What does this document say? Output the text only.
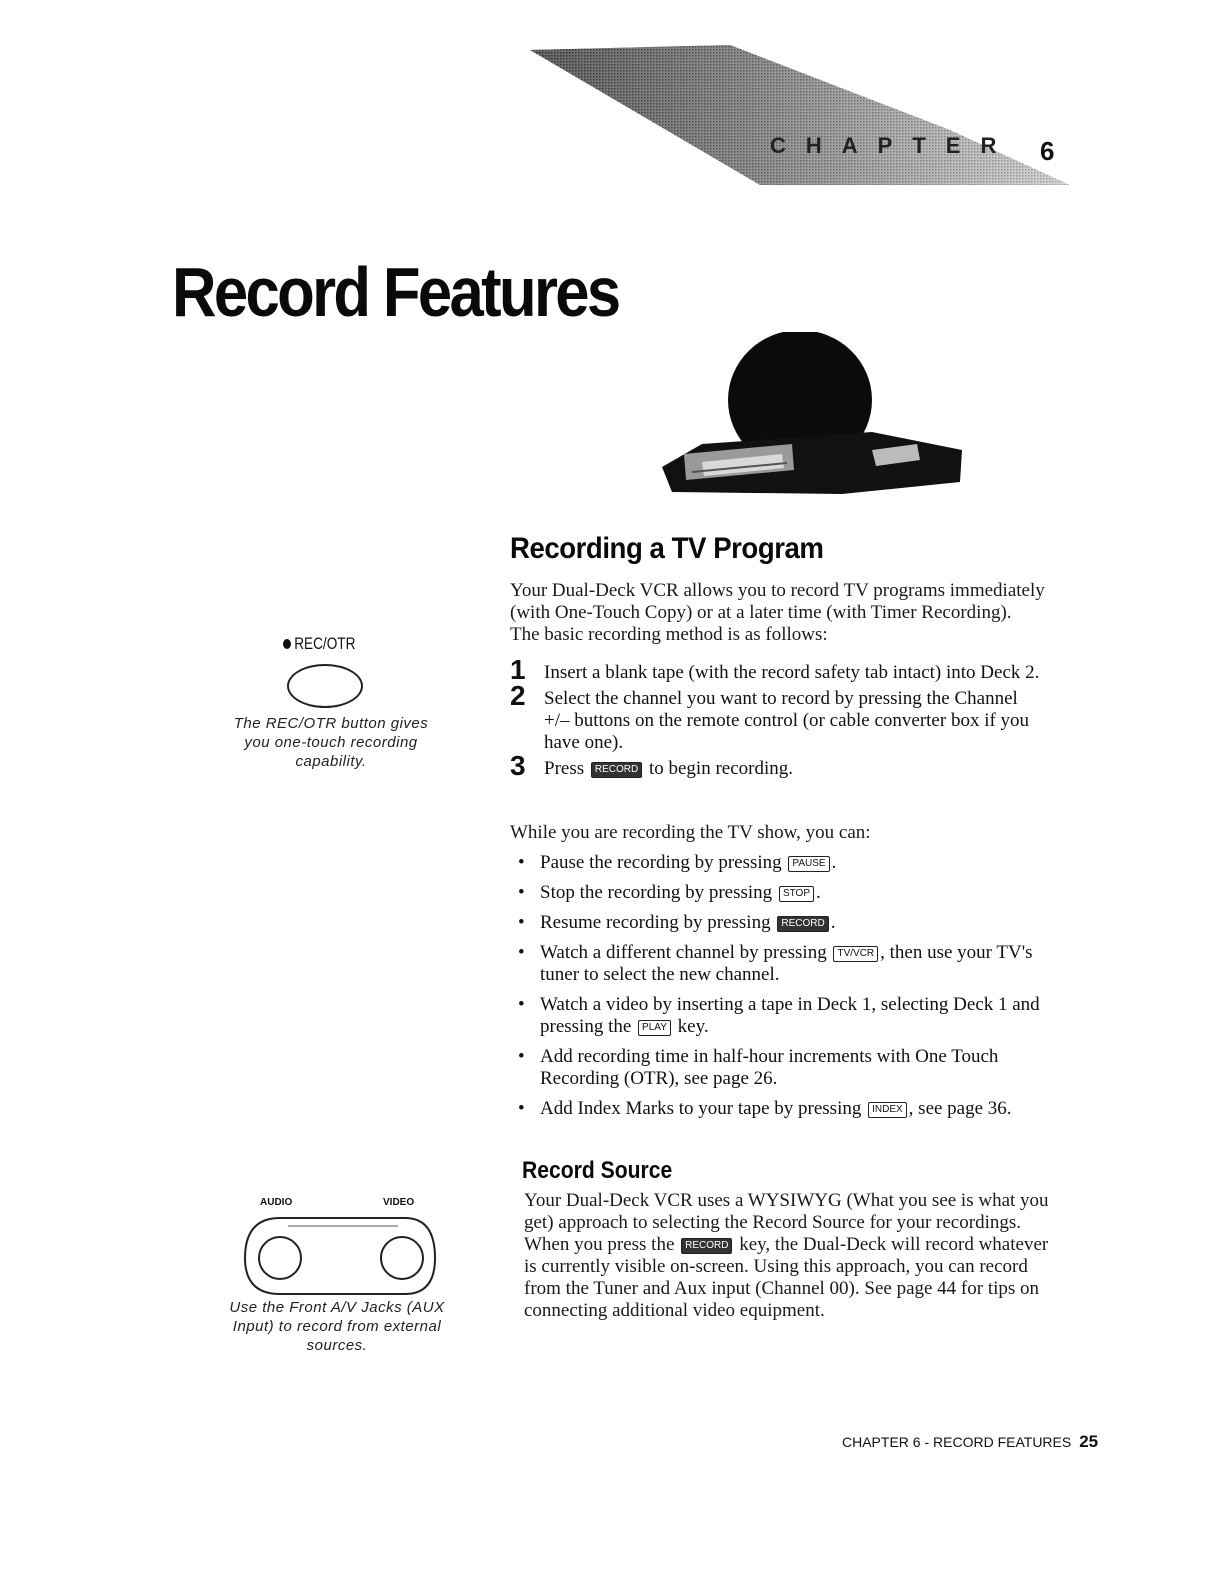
CHAPTER 6
Record Features
Recording a TV Program

Your Dual-Deck VCR allows you to record TV programs immediately (with One-Touch Copy) or at a later time (with Timer Recording). The basic recording method is as follows:

1 Insert a blank tape (with the record safety tab intact) into Deck 2.
2 Select the channel you want to record by pressing the Channel +/– buttons on the remote control (or cable converter box if you have one).
3 Press RECORD to begin recording.

While you are recording the TV show, you can:

• Pause the recording by pressing PAUSE .
• Stop the recording by pressing STOP .
• Resume recording by pressing RECORD .
• Watch a different channel by pressing TV/VCR , then use your TV's tuner to select the new channel.
• Watch a video by inserting a tape in Deck 1, selecting Deck 1 and pressing the PLAY key.
• Add recording time in half-hour increments with One Touch Recording (OTR), see page 26.
• Add Index Marks to your tape by pressing INDEX , see page 36.
Record Source

Your Dual-Deck VCR uses a WYSIWYG (What you see is what you get) approach to selecting the Record Source for your recordings. When you press the RECORD key, the Dual-Deck will record whatever is currently visible on-screen. Using this approach, you can record from the Tuner and Aux input (Channel 00). See page 44 for tips on connecting additional video equipment.

REC/OTR
The REC/OTR button gives you one-touch recording capability.
AUDIO	VIDEO
Use the Front A/V Jacks (AUX Input) to record from external sources.
CHAPTER 6 - RECORD FEATURES 25
